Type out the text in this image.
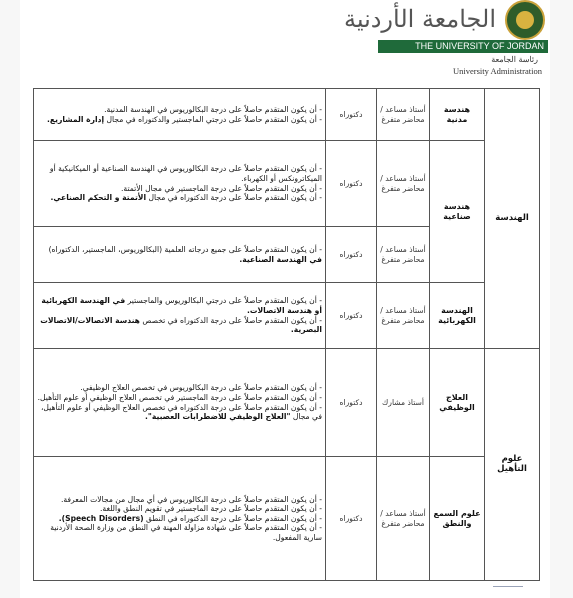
الجامعة الأردنية
THE UNIVERSITY OF JORDAN
رئاسة الجامعة
University Administration
الهندسة	هندسة مدنية	أستاذ مساعد / محاضر متفرغ	دكتوراه	- أن يكون المتقدم حاصلاً على درجة البكالوريوس في الهندسة المدنية.
- أن يكون المتقدم حاصلاً على درجتي الماجستير والدكتوراه في مجال إدارة المشاريع.

	هندسة صناعية	أستاذ مساعد / محاضر متفرغ	دكتوراه	- أن يكون المتقدم حاصلاً على درجة البكالوريوس في الهندسة الصناعية أو الميكانيكية أو الميكاترونكس أو الكهرباء.
- أن يكون المتقدم حاصلاً على درجة الماجستير في مجال الأتمتة.
- أن يكون المتقدم حاصلاً على درجة الدكتوراه في مجال الأتمتة و التحكم الصناعي.

		أستاذ مساعد / محاضر متفرغ	دكتوراه	- أن يكون المتقدم حاصلاً على جميع درجاته العلمية (البكالوريوس، الماجستير، الدكتوراه) في الهندسة الصناعية.

	الهندسة الكهربائية	أستاذ مساعد / محاضر متفرغ	دكتوراه	- أن يكون المتقدم حاصلاً على درجتي البكالوريوس والماجستير في الهندسة الكهربائية أو هندسة الاتصالات.
- أن يكون المتقدم حاصلاً على درجة الدكتوراه في تخصص هندسة الاتصالات/الاتصالات البصرية.

علوم التأهيل	العلاج الوظيفي	أستاذ مشارك	دكتوراه	- أن يكون المتقدم حاصلاً على درجة البكالوريوس في تخصص العلاج الوظيفي.
- أن يكون المتقدم حاصلاً على درجة الماجستير في تخصص العلاج الوظيفي أو علوم التأهيل.
- أن يكون المتقدم حاصلاً على درجة الدكتوراه في تخصص العلاج الوظيفي أو علوم التأهيل، في مجال "العلاج الوظيفي للاضطرابات العصبية".

	علوم السمع والنطق	أستاذ مساعد / محاضر متفرغ	دكتوراه	- أن يكون المتقدم حاصلاً على درجة البكالوريوس في أي مجال من مجالات المعرفة.
- أن يكون المتقدم حاصلاً على درجة الماجستير في تقويم النطق واللغة.
- أن يكون المتقدم حاصلاً على درجة الدكتوراه في النطق (Speech Disorders).
- أن يكون المتقدم حاصلاً على شهادة مزاولة المهنة في النطق من وزارة الصحة الأردنية سارية المفعول.
